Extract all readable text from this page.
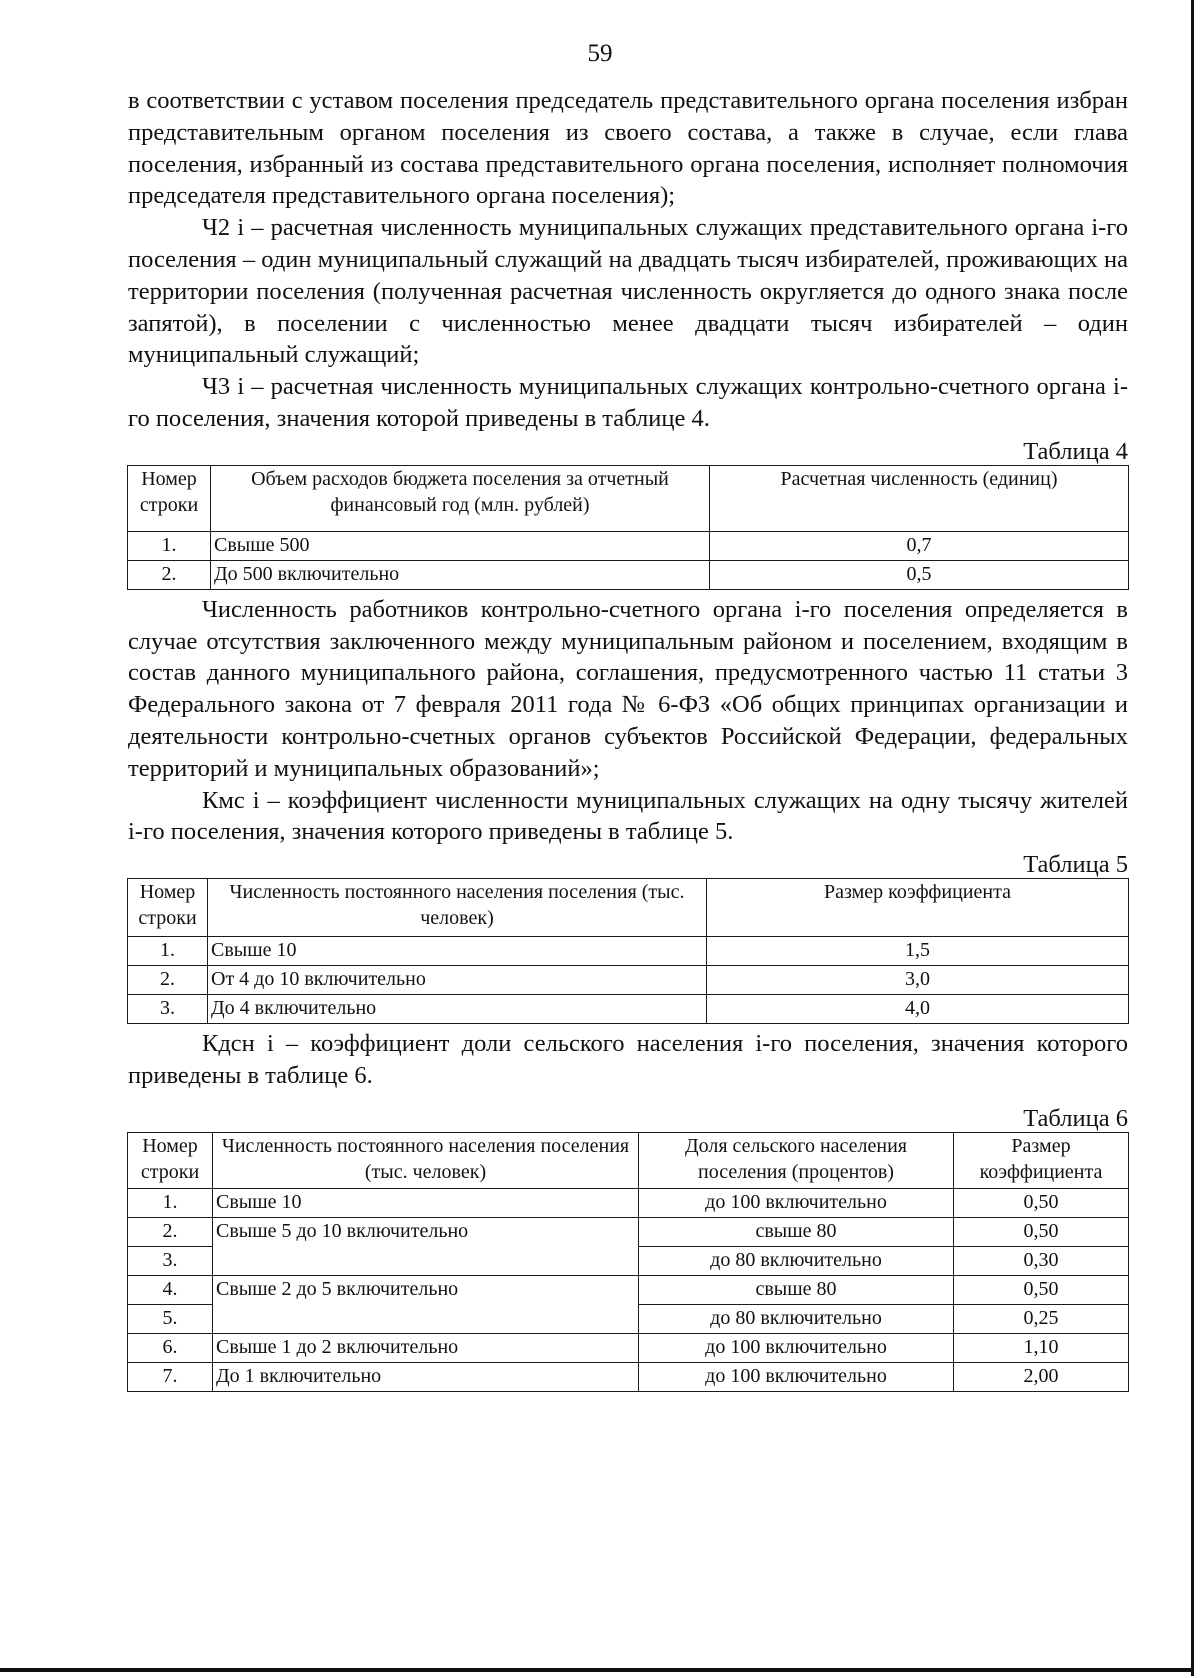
59

в соответствии с уставом поселения председатель представительного органа поселения избран представительным органом поселения из своего состава, а также в случае, если глава поселения, избранный из состава представительного органа поселения, исполняет полномочия председателя представительного органа поселения);

Ч2 i – расчетная численность муниципальных служащих представительного органа i-го поселения – один муниципальный служащий на двадцать тысяч избирателей, проживающих на территории поселения (полученная расчетная численность округляется до одного знака после запятой), в поселении с численностью менее двадцати тысяч избирателей – один муниципальный служащий;

Ч3 i – расчетная численность муниципальных служащих контрольно-счетного органа i-го поселения, значения которой приведены в таблице 4.

Таблица 4
Номер строки	Объем расходов бюджета поселения за отчетный финансовый год (млн. рублей)	Расчетная численность (единиц)
1.	Свыше 500	0,7
2.	До 500 включительно	0,5

Численность работников контрольно-счетного органа i-го поселения определяется в случае отсутствия заключенного между муниципальным районом и поселением, входящим в состав данного муниципального района, соглашения, предусмотренного частью 11 статьи 3 Федерального закона от 7 февраля 2011 года № 6-ФЗ «Об общих принципах организации и деятельности контрольно-счетных органов субъектов Российской Федерации, федеральных территорий и муниципальных образований»;

Кмс i – коэффициент численности муниципальных служащих на одну тысячу жителей i-го поселения, значения которого приведены в таблице 5.

Таблица 5
Номер строки	Численность постоянного населения поселения (тыс. человек)	Размер коэффициента
1.	Свыше 10	1,5
2.	От 4 до 10 включительно	3,0
3.	До 4 включительно	4,0

Кдсн i – коэффициент доли сельского населения i-го поселения, значения которого приведены в таблице 6.

Таблица 6
Номер строки	Численность постоянного населения поселения (тыс. человек)	Доля сельского населения поселения (процентов)	Размер коэффициента
1.	Свыше 10	до 100 включительно	0,50
2.	Свыше 5 до 10 включительно	свыше 80	0,50
3.		до 80 включительно	0,30
4.	Свыше 2 до 5 включительно	свыше 80	0,50
5.		до 80 включительно	0,25
6.	Свыше 1 до 2 включительно	до 100 включительно	1,10
7.	До 1 включительно	до 100 включительно	2,00
